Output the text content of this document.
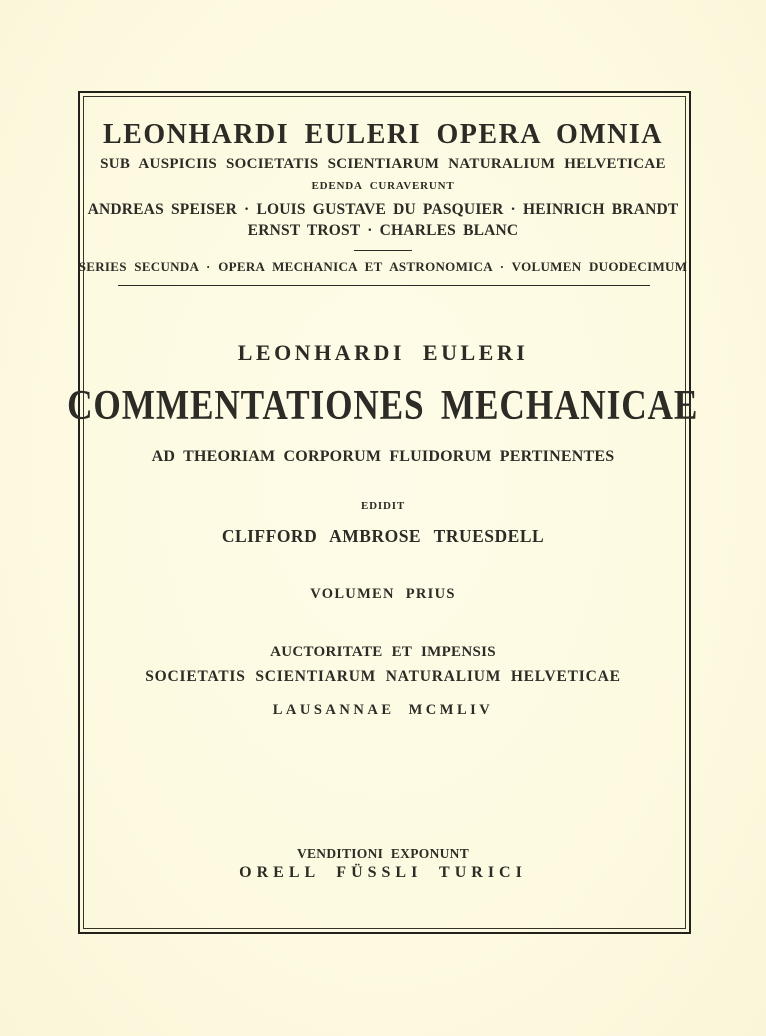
LEONHARDI EULERI OPERA OMNIA
SUB AUSPICIIS SOCIETATIS SCIENTIARUM NATURALIUM HELVETICAE
EDENDA CURAVERUNT
ANDREAS SPEISER · LOUIS GUSTAVE DU PASQUIER · HEINRICH BRANDT
ERNST TROST · CHARLES BLANC
SERIES SECUNDA · OPERA MECHANICA ET ASTRONOMICA · VOLUMEN DUODECIMUM
LEONHARDI EULERI
COMMENTATIONES MECHANICAE
AD THEORIAM CORPORUM FLUIDORUM PERTINENTES
EDIDIT
CLIFFORD AMBROSE TRUESDELL
VOLUMEN PRIUS
AUCTORITATE ET IMPENSIS
SOCIETATIS SCIENTIARUM NATURALIUM HELVETICAE
LAUSANNAE MCMLIV
VENDITIONI EXPONUNT
ORELL FÜSSLI TURICI
